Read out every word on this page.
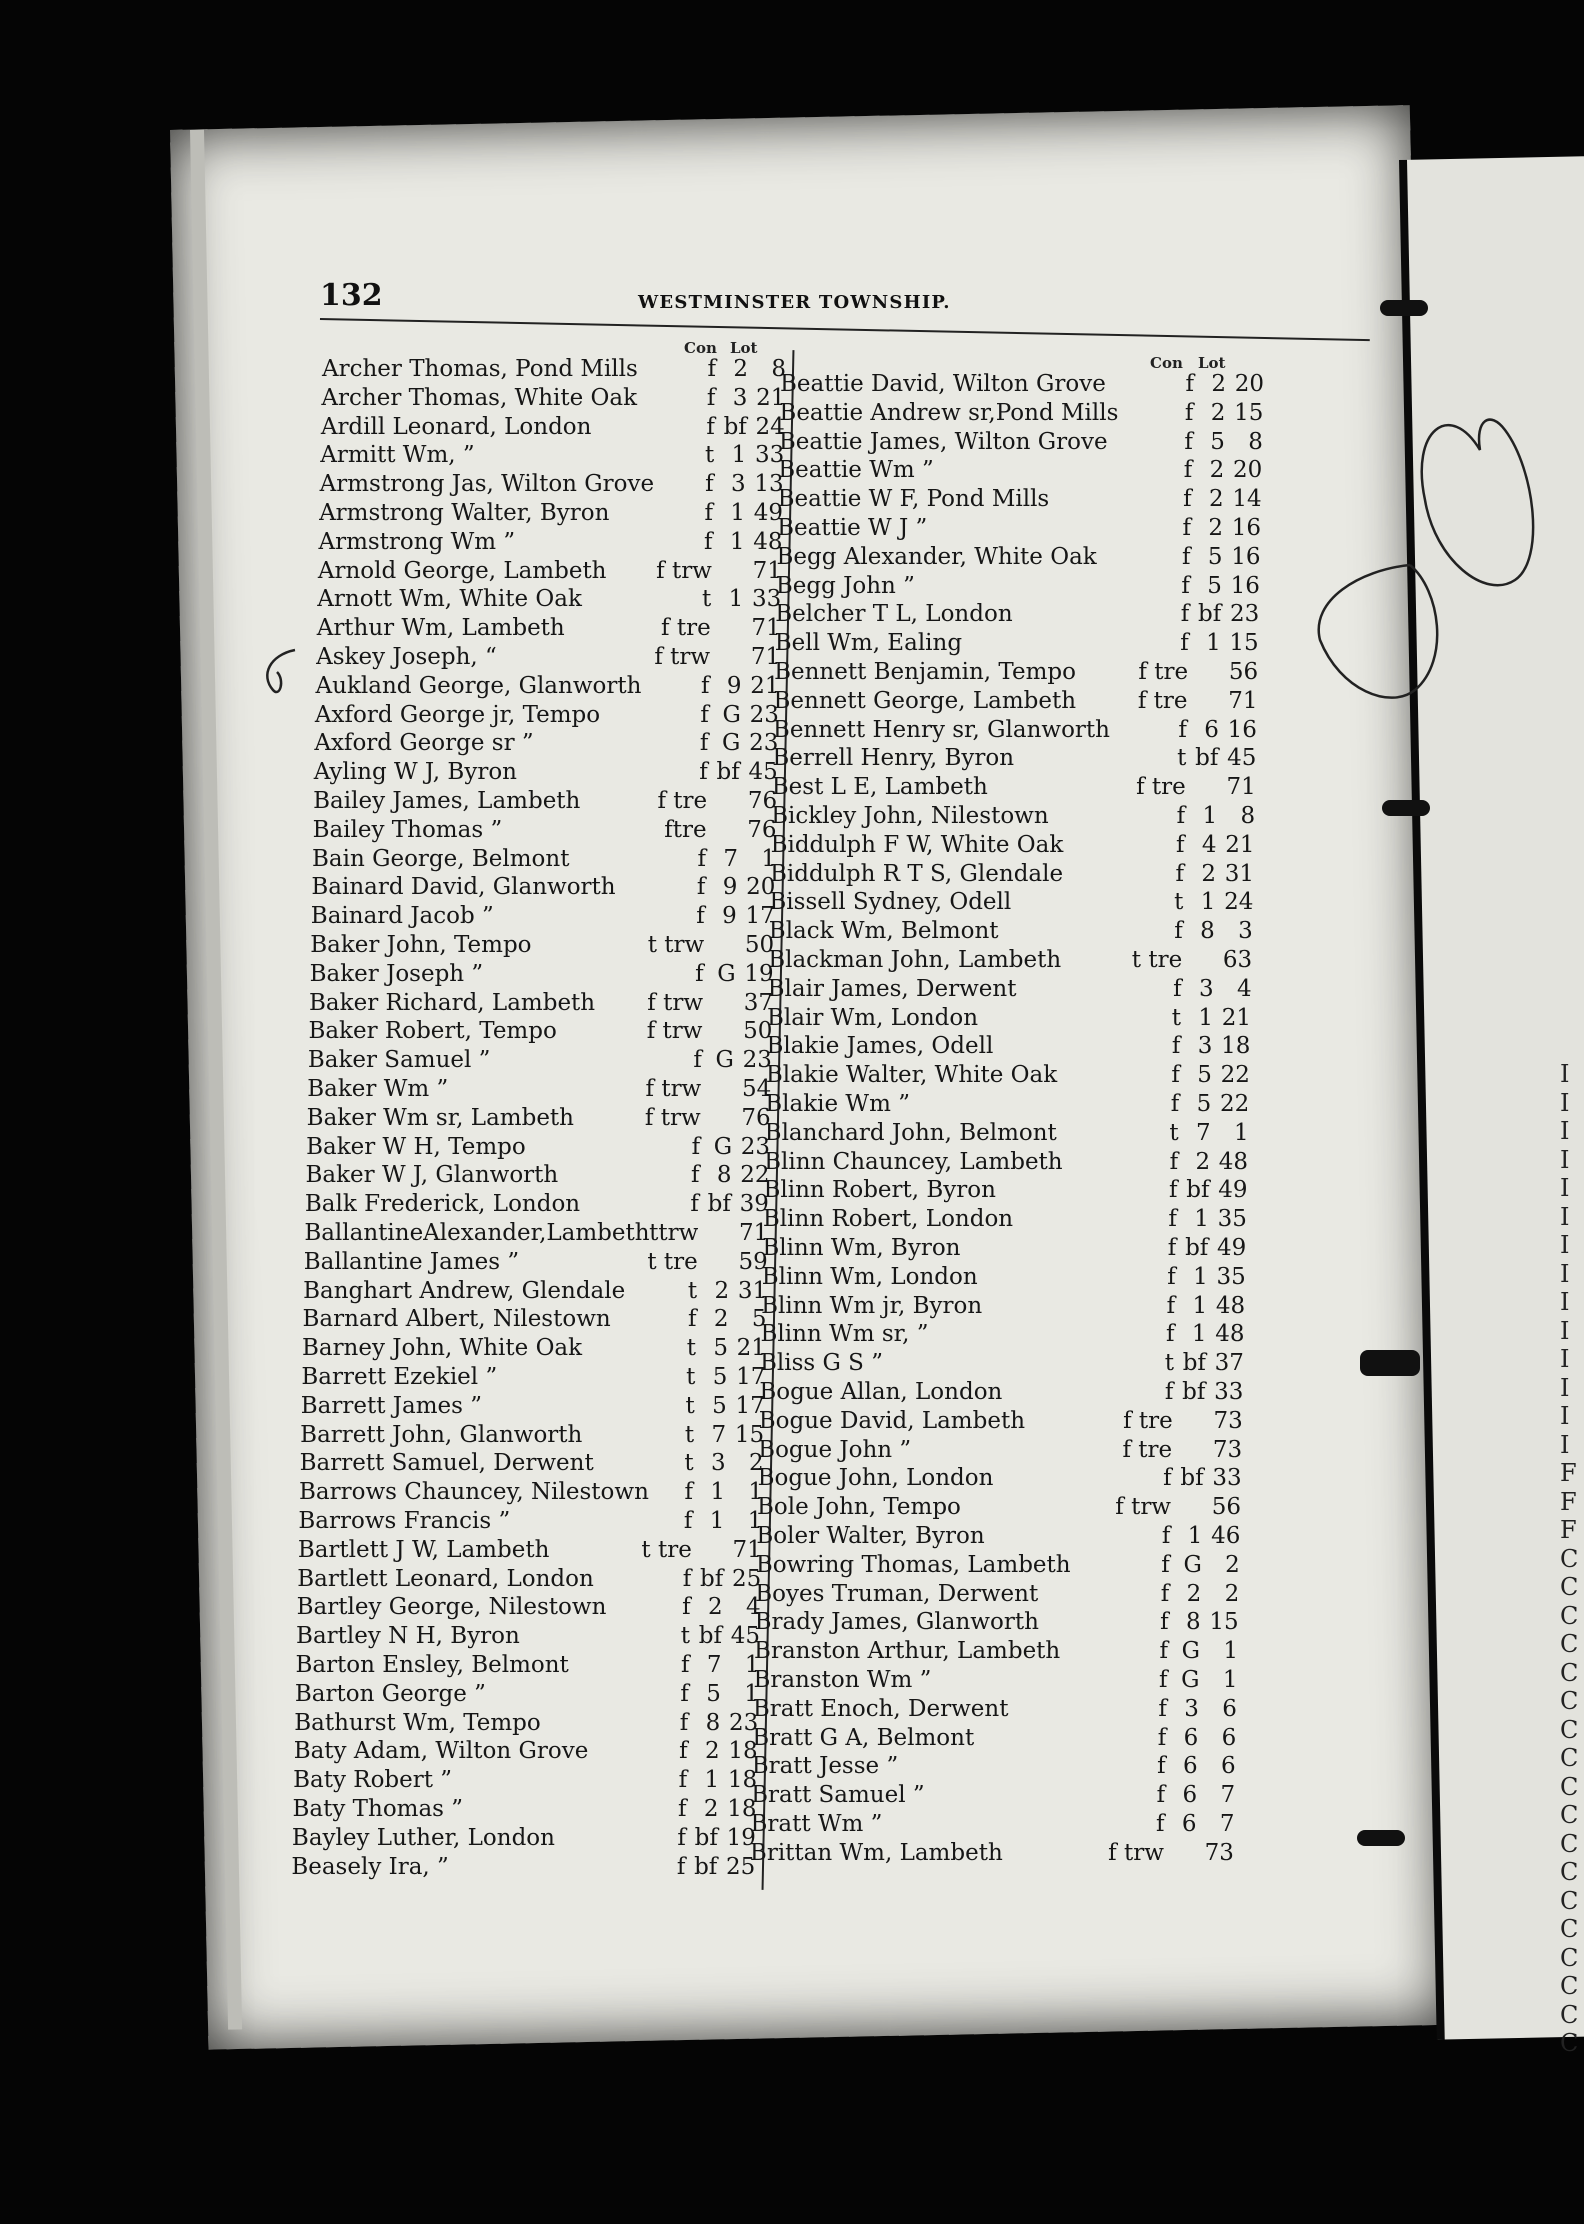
I
I
I
I
I
I
I
I
I
I
I
I
I
I
F
F
F
C
C
C
C
C
C
C
C
C
C
C
C
C
C
C
C
C
C
132	WESTMINSTER TOWNSHIP.
Con Lot
Archer Thomas, Pond Mills	f 2	8
Archer Thomas, White Oak	f 3 21
Ardill Leonard, London	f bf 24
Armitt Wm, ”	t 1 33
Armstrong Jas, Wilton Grove	f 3 13
Armstrong Walter, Byron	f 1 49
Armstrong Wm ”	f 1 48
Arnold George, Lambeth	f trw	71
Arnott Wm, White Oak	t 1 33
Arthur Wm, Lambeth	f tre	71
Askey Joseph, “	f trw	71
Aukland George, Glanworth	f 9 21
Axford George jr, Tempo	f G 23
Axford George sr ”	f G 23
Ayling W J, Byron	f bf 45
Bailey James, Lambeth	f tre	76
Bailey Thomas ”	ftre	76
Bain George, Belmont	f 7	1
Bainard David, Glanworth	f 9 20
Bainard Jacob ”	f 9 17
Baker John, Tempo	t trw	50
Baker Joseph ”	f G 19
Baker Richard, Lambeth	f trw	37
Baker Robert, Tempo	f trw	50
Baker Samuel ”	f G 23
Baker Wm ”	f trw	54
Baker Wm sr, Lambeth	f trw	76
Baker W H, Tempo	f G 23
Baker W J, Glanworth	f 8 22
Balk Frederick, London	f bf 39
BallantineAlexander,Lambeth ttrw	71
Ballantine James ”	t tre	59
Banghart Andrew, Glendale	t 2 31
Barnard Albert, Nilestown	f 2	5
Barney John, White Oak	t 5 21
Barrett Ezekiel ”	t 5 17
Barrett James ”	t 5 17
Barrett John, Glanworth	t 7 15
Barrett Samuel, Derwent	t 3	2
Barrows Chauncey, Nilestown	f 1	1
Barrows Francis ”	f 1	1
Bartlett J W, Lambeth	t tre	71
Bartlett Leonard, London	f bf 25
Bartley George, Nilestown	f 2	4
Bartley N H, Byron	t bf 45
Barton Ensley, Belmont	f 7	1
Barton George ”	f 5	1
Bathurst Wm, Tempo	f 8 23
Baty Adam, Wilton Grove	f 2 18
Baty Robert ”	f 1 18
Baty Thomas ”	f 2 18
Bayley Luther, London	f bf 19
Beasely Ira, ”	f bf 25
Con Lot
Beattie David, Wilton Grove	f 2 20
Beattie Andrew sr,Pond Mills	f 2 15
Beattie James, Wilton Grove	f 5	8
Beattie Wm ”	f 2 20
Beattie W F, Pond Mills	f 2 14
Beattie W J ”	f 2 16
Begg Alexander, White Oak	f 5 16
Begg John ”	f 5 16
Belcher T L, London	f bf 23
Bell Wm, Ealing	f 1 15
Bennett Benjamin, Tempo	f tre	56
Bennett George, Lambeth	f tre	71
Bennett Henry sr, Glanworth	f 6 16
Berrell Henry, Byron	t bf 45
Best L E, Lambeth	f tre	71
Bickley John, Nilestown	f 1	8
Biddulph F W, White Oak	f 4 21
Biddulph R T S, Glendale	f 2 31
Bissell Sydney, Odell	t 1 24
Black Wm, Belmont	f 8	3
Blackman John, Lambeth	t tre	63
Blair James, Derwent	f 3	4
Blair Wm, London	t 1 21
Blakie James, Odell	f 3 18
Blakie Walter, White Oak	f 5 22
Blakie Wm ”	f 5 22
Blanchard John, Belmont	t 7	1
Blinn Chauncey, Lambeth	f 2 48
Blinn Robert, Byron	f bf 49
Blinn Robert, London	f 1 35
Blinn Wm, Byron	f bf 49
Blinn Wm, London	f 1 35
Blinn Wm jr, Byron	f 1 48
Blinn Wm sr, ”	f 1 48
Bliss G S ”	t bf 37
Bogue Allan, London	f bf 33
Bogue David, Lambeth	f tre	73
Bogue John ”	f tre	73
Bogue John, London	f bf 33
Bole John, Tempo	f trw	56
Boler Walter, Byron	f 1 46
Bowring Thomas, Lambeth	f G	2
Boyes Truman, Derwent	f 2	2
Brady James, Glanworth	f 8 15
Branston Arthur, Lambeth	f G	1
Branston Wm ”	f G	1
Bratt Enoch, Derwent	f 3	6
Bratt G A, Belmont	f 6	6
Bratt Jesse ”	f 6	6
Bratt Samuel ”	f 6	7
Bratt Wm ”	f 6	7
Brittan Wm, Lambeth	f trw	73
